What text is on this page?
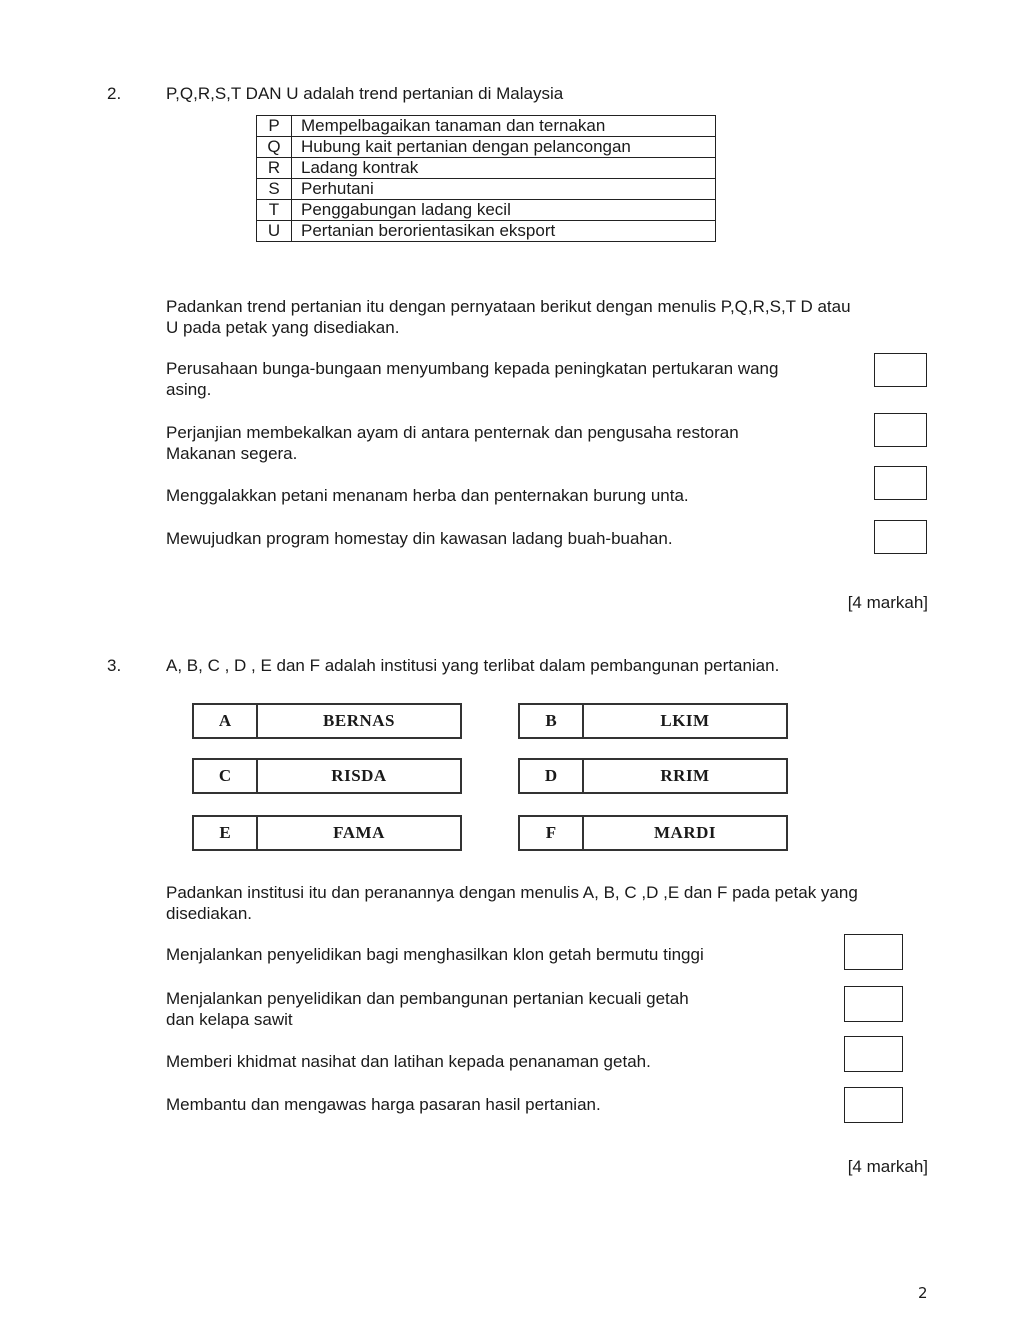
2.	P,Q,R,S,T DAN U adalah trend pertanian di Malaysia
P	Mempelbagaikan tanaman dan ternakan
Q	Hubung kait pertanian dengan pelancongan
R	Ladang kontrak
S	Perhutani
T	Penggabungan ladang kecil
U	Pertanian berorientasikan eksport
Padankan trend pertanian itu dengan pernyataan berikut dengan menulis P,Q,R,S,T D atau
U pada petak yang disediakan.
Perusahaan bunga-bungaan menyumbang kepada peningkatan pertukaran wang
asing.
Perjanjian membekalkan ayam di antara penternak dan pengusaha restoran
Makanan segera.
Menggalakkan petani menanam herba dan penternakan burung unta.
Mewujudkan program homestay din kawasan ladang buah-buahan.
[4 markah]
3.	A, B, C , D , E dan F adalah institusi yang terlibat dalam pembangunan pertanian.
A	BERNAS	B	LKIM
C	RISDA	D	RRIM
E	FAMA	F	MARDI
Padankan institusi itu dan peranannya dengan menulis A, B, C ,D ,E dan F pada petak yang
disediakan.
Menjalankan penyelidikan bagi menghasilkan klon getah bermutu tinggi
Menjalankan penyelidikan dan pembangunan pertanian kecuali getah
dan kelapa sawit
Memberi khidmat nasihat dan latihan kepada penanaman getah.
Membantu dan mengawas harga pasaran hasil pertanian.
[4 markah]
2
